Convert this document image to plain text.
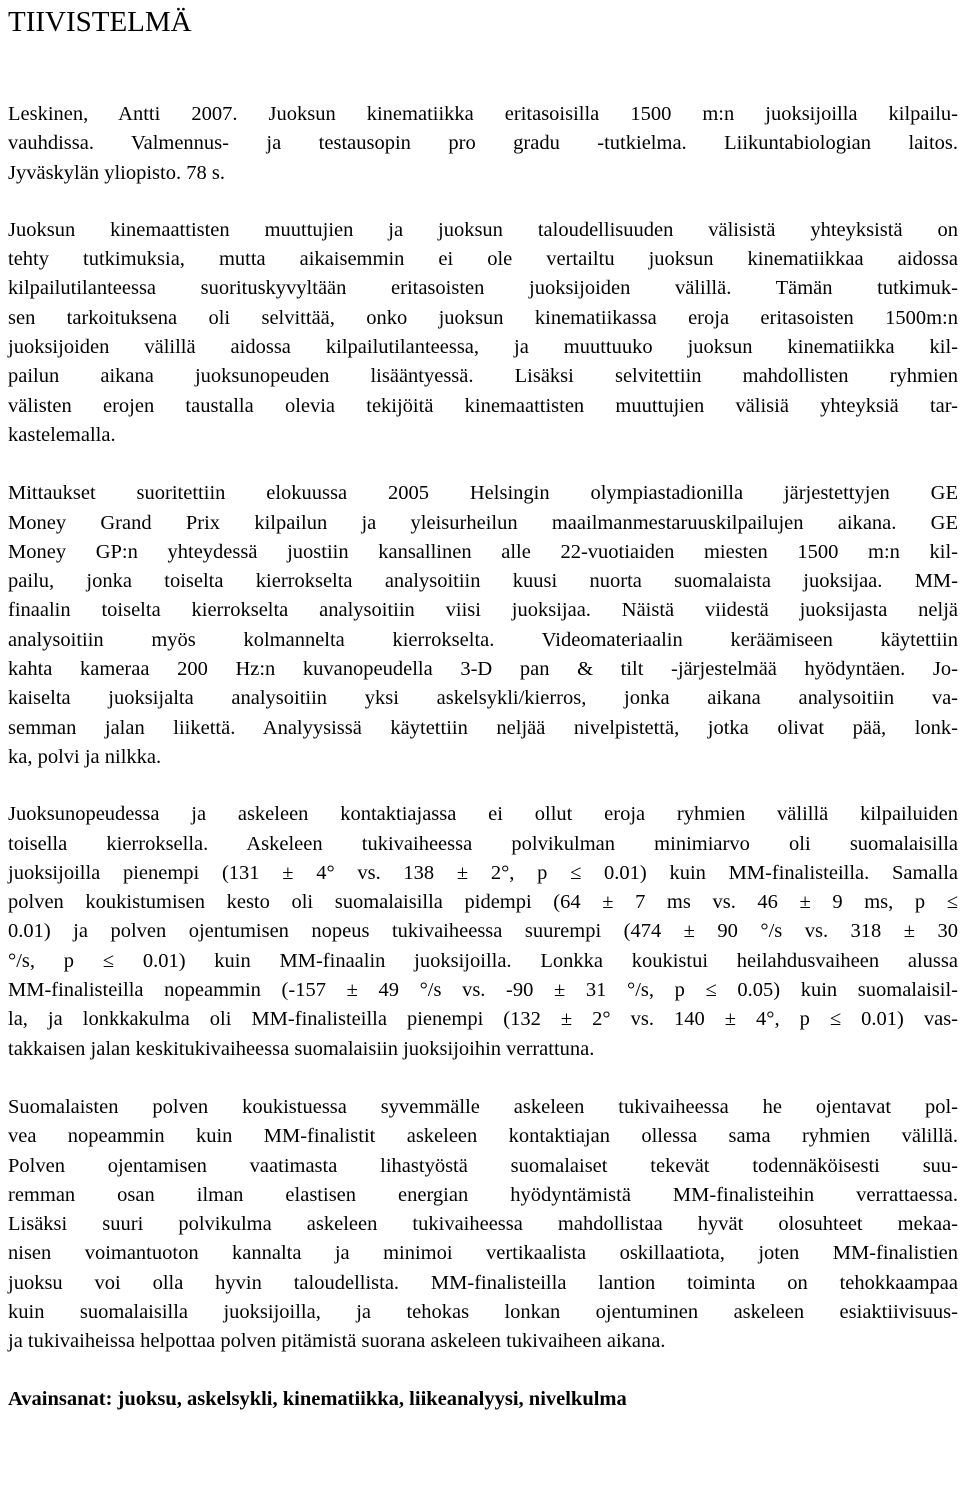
TIIVISTELMÄ
Leskinen, Antti 2007. Juoksun kinematiikka eritasoisilla 1500 m:n juoksijoilla kilpailu-
vauhdissa. Valmennus- ja testausopin pro gradu -tutkielma. Liikuntabiologian laitos.
Jyväskylän yliopisto. 78 s.
Juoksun kinemaattisten muuttujien ja juoksun taloudellisuuden välisistä yhteyksistä on
tehty tutkimuksia, mutta aikaisemmin ei ole vertailtu juoksun kinematiikkaa aidossa
kilpailutilanteessa suorituskyvyltään eritasoisten juoksijoiden välillä. Tämän tutkimuk-
sen tarkoituksena oli selvittää, onko juoksun kinematiikassa eroja eritasoisten 1500m:n
juoksijoiden välillä aidossa kilpailutilanteessa, ja muuttuuko juoksun kinematiikka kil-
pailun aikana juoksunopeuden lisääntyessä. Lisäksi selvitettiin mahdollisten ryhmien
välisten erojen taustalla olevia tekijöitä kinemaattisten muuttujien välisiä yhteyksiä tar-
kastelemalla.
Mittaukset suoritettiin elokuussa 2005 Helsingin olympiastadionilla järjestettyjen GE
Money Grand Prix kilpailun ja yleisurheilun maailmanmestaruuskilpailujen aikana. GE
Money GP:n yhteydessä juostiin kansallinen alle 22-vuotiaiden miesten 1500 m:n kil-
pailu, jonka toiselta kierrokselta analysoitiin kuusi nuorta suomalaista juoksijaa. MM-
finaalin toiselta kierrokselta analysoitiin viisi juoksijaa. Näistä viidestä juoksijasta neljä
analysoitiin myös kolmannelta kierrokselta. Videomateriaalin keräämiseen käytettiin
kahta kameraa 200 Hz:n kuvanopeudella 3-D pan & tilt -järjestelmää hyödyntäen. Jo-
kaiselta juoksijalta analysoitiin yksi askelsykli/kierros, jonka aikana analysoitiin va-
semman jalan liikettä. Analyysissä käytettiin neljää nivelpistettä, jotka olivat pää, lonk-
ka, polvi ja nilkka.
Juoksunopeudessa ja askeleen kontaktiajassa ei ollut eroja ryhmien välillä kilpailuiden
toisella kierroksella. Askeleen tukivaiheessa polvikulman minimiarvo oli suomalaisilla
juoksijoilla pienempi (131 ± 4° vs. 138 ± 2°, p ≤ 0.01) kuin MM-finalisteilla. Samalla
polven koukistumisen kesto oli suomalaisilla pidempi (64 ± 7 ms vs. 46 ± 9 ms, p ≤
0.01) ja polven ojentumisen nopeus tukivaiheessa suurempi (474 ± 90 °/s vs. 318 ± 30
°/s, p ≤ 0.01) kuin MM-finaalin juoksijoilla. Lonkka koukistui heilahdusvaiheen alussa
MM-finalisteilla nopeammin (-157 ± 49 °/s vs. -90 ± 31 °/s, p ≤ 0.05) kuin suomalaisil-
la, ja lonkkakulma oli MM-finalisteilla pienempi (132 ± 2° vs. 140 ± 4°, p ≤ 0.01) vas-
takkaisen jalan keskitukivaiheessa suomalaisiin juoksijoihin verrattuna.
Suomalaisten polven koukistuessa syvemmälle askeleen tukivaiheessa he ojentavat pol-
vea nopeammin kuin MM-finalistit askeleen kontaktiajan ollessa sama ryhmien välillä.
Polven ojentamisen vaatimasta lihastyöstä suomalaiset tekevät todennäköisesti suu-
remman osan ilman elastisen energian hyödyntämistä MM-finalisteihin verrattaessa.
Lisäksi suuri polvikulma askeleen tukivaiheessa mahdollistaa hyvät olosuhteet mekaa-
nisen voimantuoton kannalta ja minimoi vertikaalista oskillaatiota, joten MM-finalistien
juoksu voi olla hyvin taloudellista. MM-finalisteilla lantion toiminta on tehokkaampaa
kuin suomalaisilla juoksijoilla, ja tehokas lonkan ojentuminen askeleen esiaktiivisuus-
ja tukivaiheissa helpottaa polven pitämistä suorana askeleen tukivaiheen aikana.
Avainsanat: juoksu, askelsykli, kinematiikka, liikeanalyysi, nivelkulma
